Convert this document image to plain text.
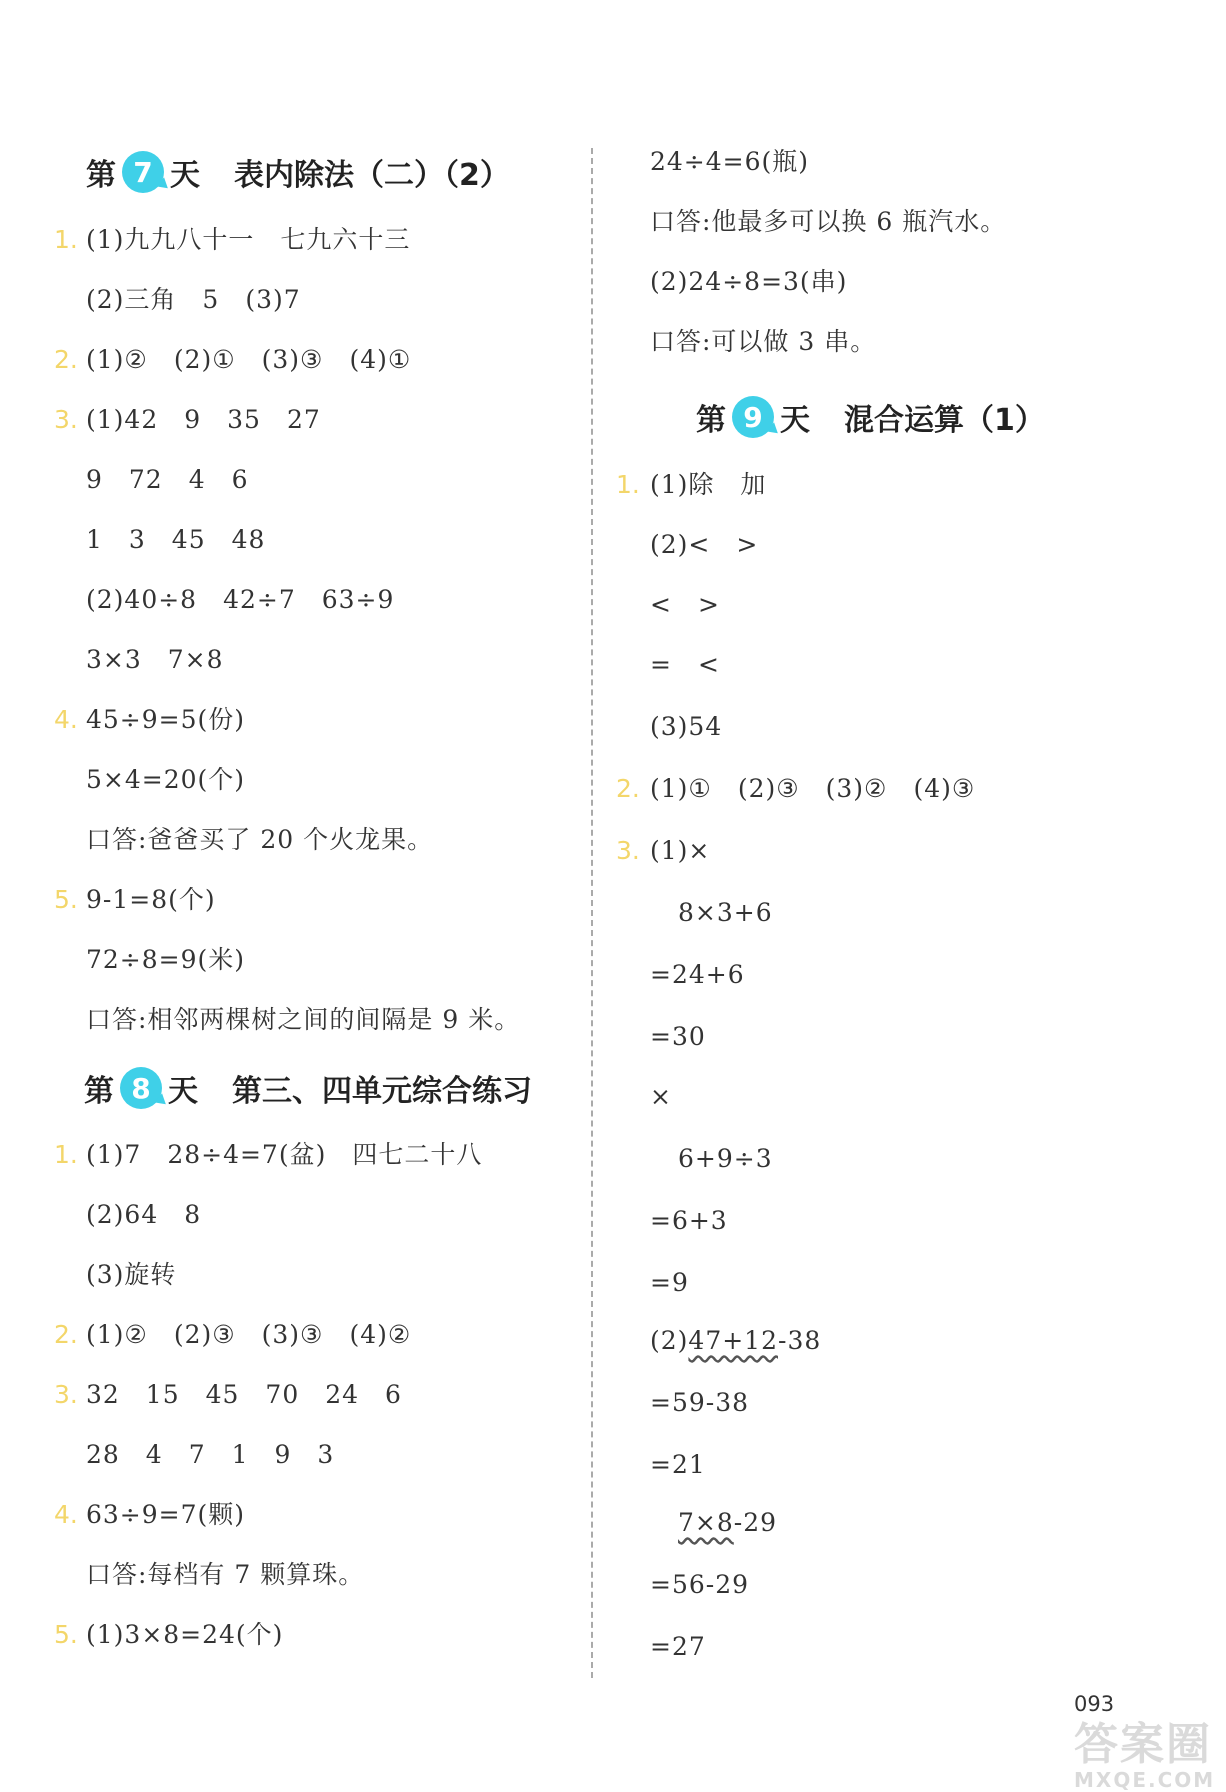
第 7 天 表内除法（二）（2）
1. (1)九九八十一　七九六十三
(2)三角　5　(3)7
2. (1)②　(2)①　(3)③　(4)①
3. (1)42　9　35　27
9　72　4　6
1　3　45　48
(2)40÷8　42÷7　63÷9
3×3　7×8
4. 45÷9=5(份)
5×4=20(个)
口答:爸爸买了 20 个火龙果。
5. 9-1=8(个)
72÷8=9(米)
口答:相邻两棵树之间的间隔是 9 米。
第 8 天 第三、四单元综合练习
1. (1)7　28÷4=7(盆)　四七二十八
(2)64　8
(3)旋转
2. (1)②　(2)③　(3)③　(4)②
3. 32　15　45　70　24　6
28　4　7　1　9　3
4. 63÷9=7(颗)
口答:每档有 7 颗算珠。
5. (1)3×8=24(个)
24÷4=6(瓶)
口答:他最多可以换 6 瓶汽水。
(2)24÷8=3(串)
口答:可以做 3 串。
第 9 天 混合运算（1）
1. (1)除　加
(2)<　>
<　>
=　<
(3)54
2. (1)①　(2)③　(3)②　(4)③
3. (1)×
8×3+6
=24+6
=30
×
6+9÷3
=6+3
=9
(2)47+12-38
=59-38
=21
7×8-29
=56-29
=27
093
答案圈
MXQE.COM
